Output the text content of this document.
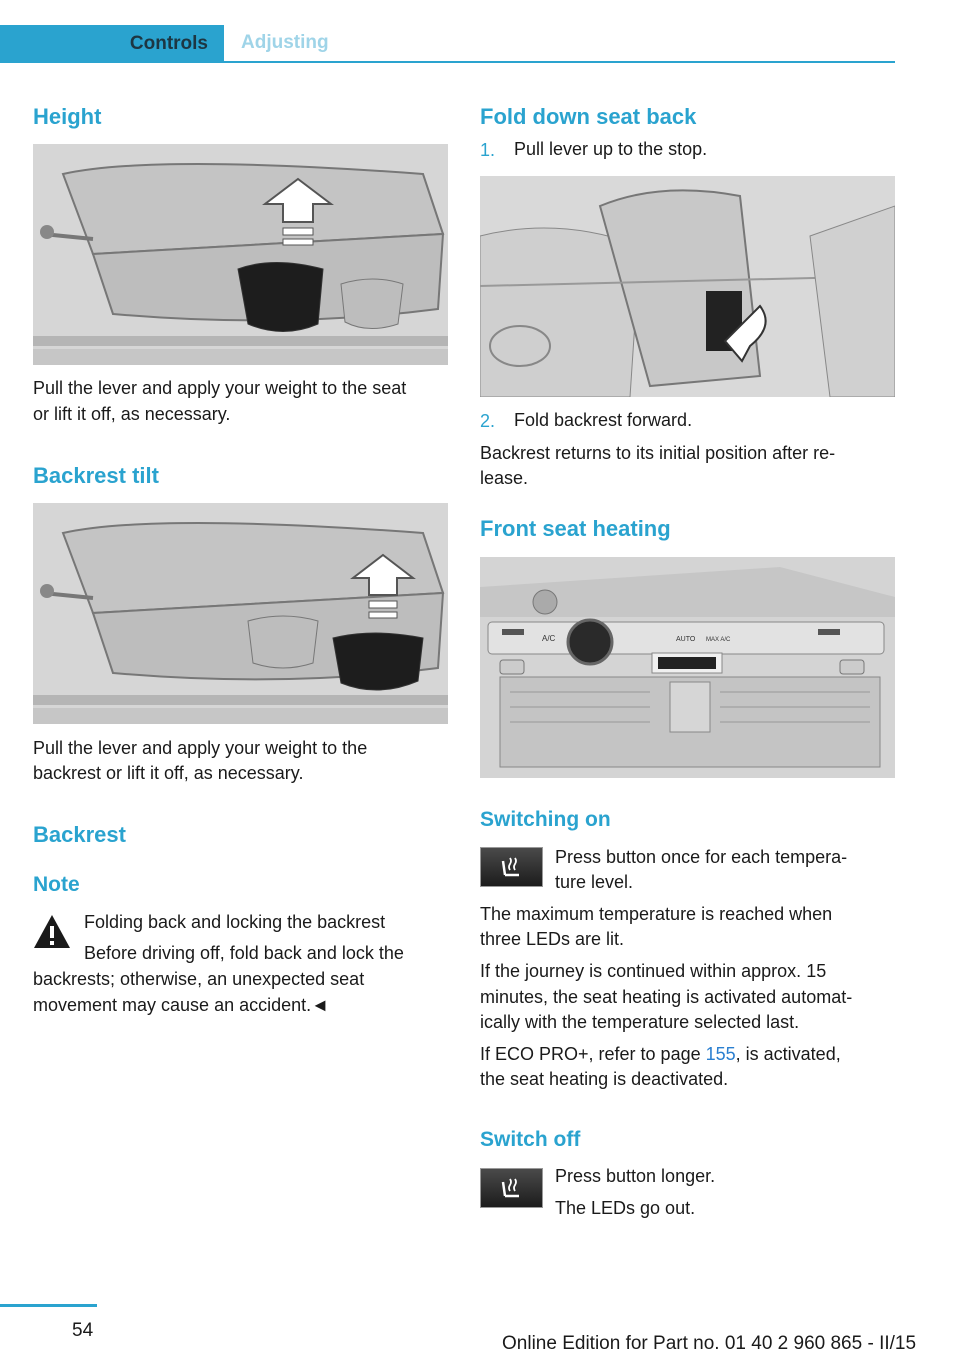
Controls Adjusting
Height
Pull the lever and apply your weight to the seat
or lift it off, as necessary.
Backrest tilt
Pull the lever and apply your weight to the
backrest or lift it off, as necessary.
Backrest
Note
Folding back and locking the backrest
Before driving off, fold back and lock the
backrests; otherwise, an unexpected seat
movement may cause an accident.◄
Fold down seat back
1. Pull lever up to the stop.
2. Fold backrest forward.
Backrest returns to its initial position after re‐
lease.
Front seat heating
A/C	AUTO MAX A/C
Switching on
Press button once for each tempera‐
ture level.
The maximum temperature is reached when
three LEDs are lit.
If the journey is continued within approx. 15
minutes, the seat heating is activated automat‐
ically with the temperature selected last.
If ECO PRO+, refer to page 155, is activated,
the seat heating is deactivated.
Switch off
Press button longer.
The LEDs go out.
54
Online Edition for Part no. 01 40 2 960 865 - II/15
